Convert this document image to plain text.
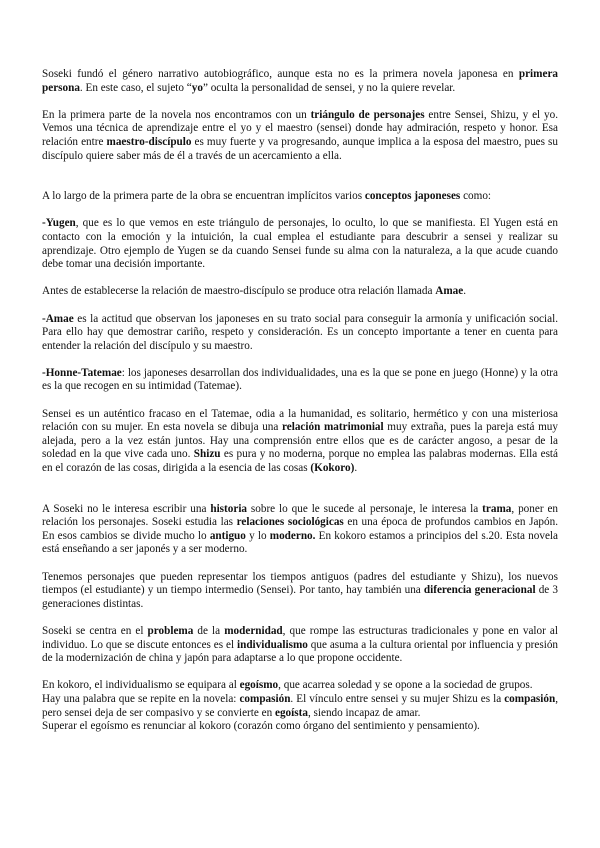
Soseki fundó el género narrativo autobiográfico, aunque esta no es la primera novela japonesa en primera persona. En este caso, el sujeto “yo” oculta la personalidad de sensei, y no la quiere revelar.

En la primera parte de la novela nos encontramos con un triángulo de personajes entre Sensei, Shizu, y el yo. Vemos una técnica de aprendizaje entre el yo y el maestro (sensei) donde hay admiración, respeto y honor. Esa relación entre maestro-discípulo es muy fuerte y va progresando, aunque implica a la esposa del maestro, pues su discípulo quiere saber más de él a través de un acercamiento a ella.

A lo largo de la primera parte de la obra se encuentran implícitos varios conceptos japoneses como:

-Yugen, que es lo que vemos en este triángulo de personajes, lo oculto, lo que se manifiesta. El Yugen está en contacto con la emoción y la intuición, la cual emplea el estudiante para descubrir a sensei y realizar su aprendizaje. Otro ejemplo de Yugen se da cuando Sensei funde su alma con la naturaleza, a la que acude cuando debe tomar una decisión importante.

Antes de establecerse la relación de maestro-discípulo se produce otra relación llamada Amae.

-Amae es la actitud que observan los japoneses en su trato social para conseguir la armonía y unificación social. Para ello hay que demostrar cariño, respeto y consideración. Es un concepto importante a tener en cuenta para entender la relación del discípulo y su maestro.

-Honne-Tatemae: los japoneses desarrollan dos individualidades, una es la que se pone en juego (Honne) y la otra es la que recogen en su intimidad (Tatemae).

Sensei es un auténtico fracaso en el Tatemae, odia a la humanidad, es solitario, hermético y con una misteriosa relación con su mujer. En esta novela se dibuja una relación matrimonial muy extraña, pues la pareja está muy alejada, pero a la vez están juntos. Hay una comprensión entre ellos que es de carácter angoso, a pesar de la soledad en la que vive cada uno. Shizu es pura y no moderna, porque no emplea las palabras modernas. Ella está en el corazón de las cosas, dirigida a la esencia de las cosas (Kokoro).

A Soseki no le interesa escribir una historia sobre lo que le sucede al personaje, le interesa la trama, poner en relación los personajes. Soseki estudia las relaciones sociológicas en una época de profundos cambios en Japón. En esos cambios se divide mucho lo antiguo y lo moderno. En kokoro estamos a principios del s.20. Esta novela está enseñando a ser japonés y a ser moderno.

Tenemos personajes que pueden representar los tiempos antiguos (padres del estudiante y Shizu), los nuevos tiempos (el estudiante) y un tiempo intermedio (Sensei). Por tanto, hay también una diferencia generacional de 3 generaciones distintas.

Soseki se centra en el problema de la modernidad, que rompe las estructuras tradicionales y pone en valor al individuo. Lo que se discute entonces es el individualismo que asuma a la cultura oriental por influencia y presión de la modernización de china y japón para adaptarse a lo que propone occidente.

En kokoro, el individualismo se equipara al egoísmo, que acarrea soledad y se opone a la sociedad de grupos.

Hay una palabra que se repite en la novela: compasión. El vínculo entre sensei y su mujer Shizu es la compasión, pero sensei deja de ser compasivo y se convierte en egoísta, siendo incapaz de amar.

Superar el egoísmo es renunciar al kokoro (corazón como órgano del sentimiento y pensamiento).
